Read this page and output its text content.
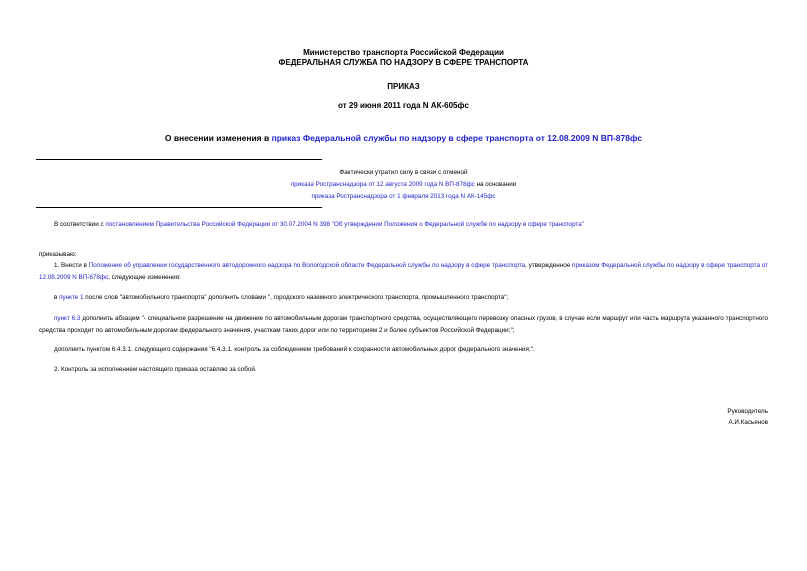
Министерство транспорта Российской Федерации
ФЕДЕРАЛЬНАЯ СЛУЖБА ПО НАДЗОРУ В СФЕРЕ ТРАНСПОРТА
ПРИКАЗ
от 29 июня 2011 года N АК-605фс
О внесении изменения в приказ Федеральной службы по надзору в сфере транспорта от 12.08.2009 N ВП-878фс
Фактически утратил силу в связи с отменой
приказа Ространснадзора от 12 августа 2009 года N ВП-878фс на основании
приказа Ространснадзора от 1 февраля 2013 года N АК-145фс
В соответствии с постановлением Правительства Российской Федерации от 30.07.2004 N 398 "Об утверждении Положения о Федеральной службе по надзору в сфере транспорта"
приказываю:
1. Внести в Положение об управлении государственного автодорожного надзора по Вологодской области Федеральной службы по надзору в сфере транспорта, утвержденное приказом Федеральной службы по надзору в сфере транспорта от 12.08.2009 N ВП-878фс, следующие изменения:
в пункте 1 после слов "автомобильного транспорта" дополнить словами ", городского наземного электрического транспорта, промышленного транспорта";
пункт 6.3 дополнить абзацем "- специальное разрешение на движение по автомобильным дорогам транспортного средства, осуществляющего перевозку опасных грузов, в случае если маршрут или часть маршрута указанного транспортного средства проходит по автомобильным дорогам федерального значения, участкам таких дорог или по территориям 2 и более субъектов Российской Федерации;";
дополнить пунктом 6.4.3.1. следующего содержания "6.4.3.1. контроль за соблюдением требований к сохранности автомобильных дорог федерального значения;".
2. Контроль за исполнением настоящего приказа оставляю за собой.
Руководитель
А.И.Касьянов
